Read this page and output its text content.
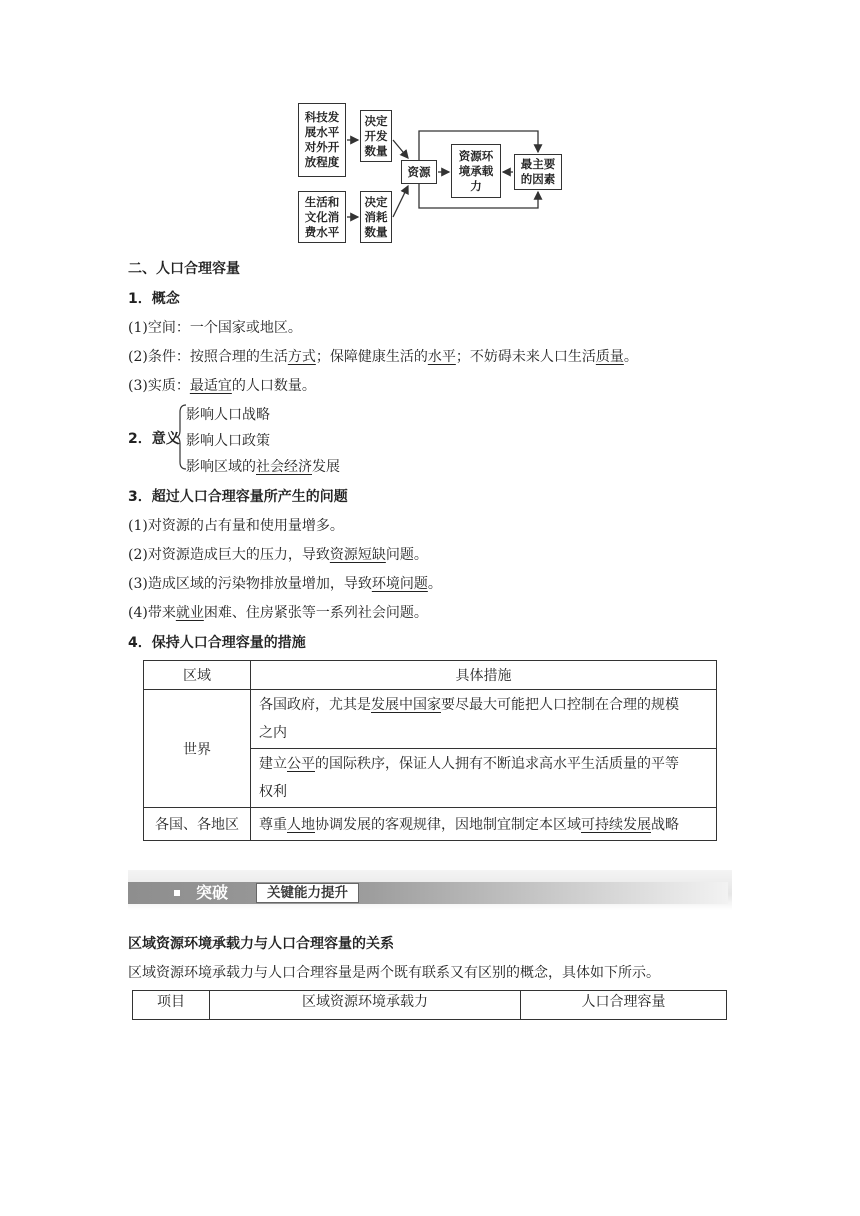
科技发
展水平
对外开
放程度
生活和
文化消
费水平
决定
开发
数量
决定
消耗
数量
资源
资源环
境承载
力
最主要
的因素
二、人口合理容量
1．概念
(1)空间：一个国家或地区。
(2)条件：按照合理的生活方式；保障健康生活的水平；不妨碍未来人口生活质量。
(3)实质：最适宜的人口数量。
2．意义
影响人口战略
影响人口政策
影响区域的社会经济发展
3．超过人口合理容量所产生的问题
(1)对资源的占有量和使用量增多。
(2)对资源造成巨大的压力，导致资源短缺问题。
(3)造成区域的污染物排放量增加，导致环境问题。
(4)带来就业困难、住房紧张等一系列社会问题。
4．保持人口合理容量的措施
区域	具体措施
世界	各国政府，尤其是发展中国家要尽最大可能把人口控制在合理的规模
之内
	建立公平的国际秩序，保证人人拥有不断追求高水平生活质量的平等
权利
各国、各地区	尊重人地协调发展的客观规律，因地制宜制定本区域可持续发展战略
突破	关键能力提升
区域资源环境承载力与人口合理容量的关系
区域资源环境承载力与人口合理容量是两个既有联系又有区别的概念，具体如下所示。
项目	区域资源环境承载力	人口合理容量
